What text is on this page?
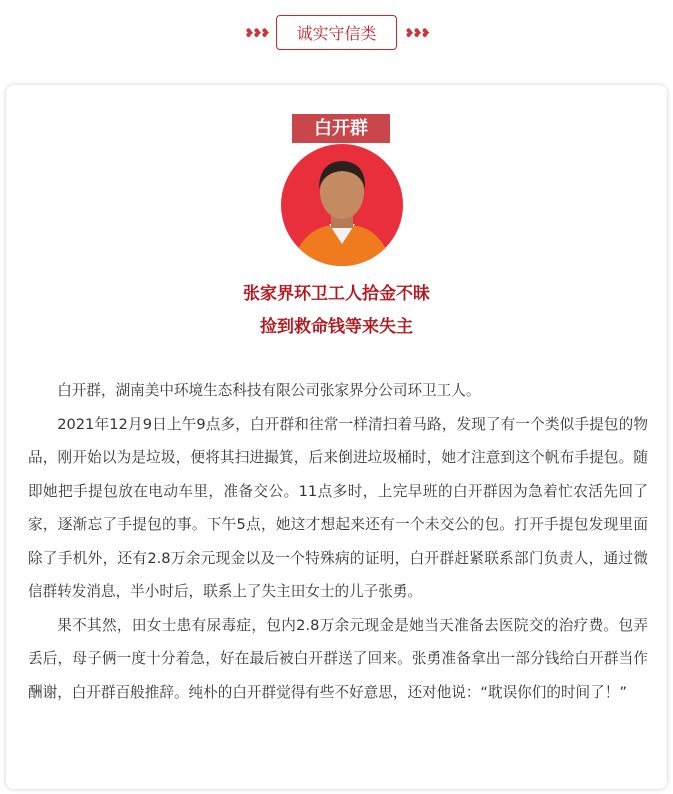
❥❥❥	诚实守信类	❥❥❥
白开群
张家界环卫工人拾金不昧
捡到救命钱等来失主

白开群，湖南美中环境生态科技有限公司张家界分公司环卫工人。

2021年12月9日上午9点多，白开群和往常一样清扫着马路，发现了有一个类似手提包的物品，刚开始以为是垃圾，便将其扫进撮箕，后来倒进垃圾桶时，她才注意到这个帆布手提包。随即她把手提包放在电动车里，准备交公。11点多时，上完早班的白开群因为急着忙农活先回了家，逐渐忘了手提包的事。下午5点，她这才想起来还有一个未交公的包。打开手提包发现里面除了手机外，还有2.8万余元现金以及一个特殊病的证明，白开群赶紧联系部门负责人，通过微信群转发消息，半小时后，联系上了失主田女士的儿子张勇。

果不其然，田女士患有尿毒症，包内2.8万余元现金是她当天准备去医院交的治疗费。包弄丢后，母子俩一度十分着急，好在最后被白开群送了回来。张勇准备拿出一部分钱给白开群当作酬谢，白开群百般推辞。纯朴的白开群觉得有些不好意思，还对他说：“耽误你们的时间了！”
